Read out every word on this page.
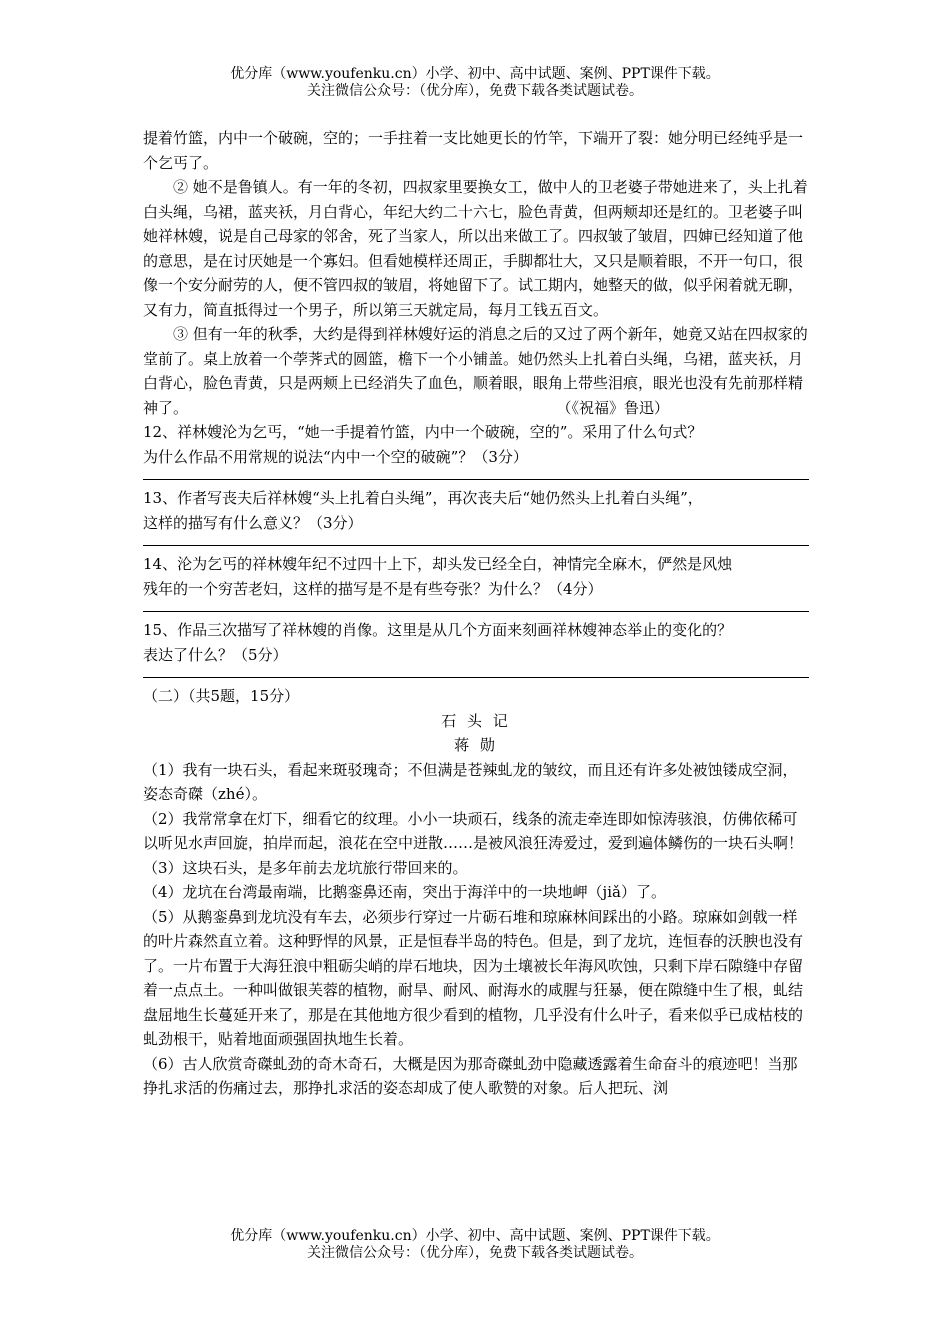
优分库（www.youfenku.cn）小学、初中、高中试题、案例、PPT课件下载。
关注微信公众号：（优分库），免费下载各类试题试卷。

提着竹篮，内中一个破碗，空的；一手拄着一支比她更长的竹竿，下端开了裂：她分明已经纯乎是一个乞丐了。

② 她不是鲁镇人。有一年的冬初，四叔家里要换女工，做中人的卫老婆子带她进来了，头上扎着白头绳，乌裙，蓝夹袄，月白背心，年纪大约二十六七，脸色青黄，但两颊却还是红的。卫老婆子叫她祥林嫂，说是自己母家的邻舍，死了当家人，所以出来做工了。四叔皱了皱眉，四婶已经知道了他的意思，是在讨厌她是一个寡妇。但看她模样还周正，手脚都壮大，又只是顺着眼，不开一句口，很像一个安分耐劳的人，便不管四叔的皱眉，将她留下了。试工期内，她整天的做，似乎闲着就无聊，又有力，简直抵得过一个男子，所以第三天就定局，每月工钱五百文。

③ 但有一年的秋季，大约是得到祥林嫂好运的消息之后的又过了两个新年，她竟又站在四叔家的堂前了。桌上放着一个荸荠式的圆篮，檐下一个小铺盖。她仍然头上扎着白头绳，乌裙，蓝夹袄，月白背心，脸色青黄，只是两颊上已经消失了血色，顺着眼，眼角上带些泪痕，眼光也没有先前那样精神了。	（《祝福》鲁迅）

12、祥林嫂沦为乞丐，“她一手提着竹篮，内中一个破碗，空的”。采用了什么句式？

为什么作品不用常规的说法“内中一个空的破碗”？（3分）

13、作者写丧夫后祥林嫂“头上扎着白头绳”，再次丧夫后“她仍然头上扎着白头绳”，

这样的描写有什么意义？（3分）

14、沦为乞丐的祥林嫂年纪不过四十上下，却头发已经全白，神情完全麻木，俨然是风烛

残年的一个穷苦老妇，这样的描写是不是有些夸张？为什么？（4分）

15、作品三次描写了祥林嫂的肖像。这里是从几个方面来刻画祥林嫂神态举止的变化的？

表达了什么？（5分）

（二）（共5题，15分）

石 头 记

蒋 勋

（1）我有一块石头，看起来斑驳瑰奇；不但满是苍辣虬龙的皱纹，而且还有许多处被蚀镂成空洞，姿态奇磔（zhé）。

（2）我常常拿在灯下，细看它的纹理。小小一块顽石，线条的流走牵连即如惊涛骇浪，仿佛依稀可以听见水声回旋，拍岸而起，浪花在空中迸散……是被风浪狂涛爱过，爱到遍体鳞伤的一块石头啊！

（3）这块石头，是多年前去龙坑旅行带回来的。

（4）龙坑在台湾最南端，比鹅銮鼻还南，突出于海洋中的一块地岬（jiǎ）了。

（5）从鹅銮鼻到龙坑没有车去，必须步行穿过一片砺石堆和琼麻林间踩出的小路。琼麻如剑戟一样的叶片森然直立着。这种野悍的风景，正是恒春半岛的特色。但是，到了龙坑，连恒春的沃腴也没有了。一片布置于大海狂浪中粗砺尖峭的岸石地块，因为土壤被长年海风吹蚀，只剩下岸石隙缝中存留着一点点土。一种叫做银芙蓉的植物，耐旱、耐风、耐海水的咸腥与狂暴，便在隙缝中生了根，虬结盘屈地生长蔓延开来了，那是在其他地方很少看到的植物，几乎没有什么叶子，看来似乎已成枯枝的虬劲根干，贴着地面顽强固执地生长着。

（6）古人欣赏奇磔虬劲的奇木奇石，大概是因为那奇磔虬劲中隐藏透露着生命奋斗的痕迹吧！当那挣扎求活的伤痛过去，那挣扎求活的姿态却成了使人歌赞的对象。后人把玩、浏

优分库（www.youfenku.cn）小学、初中、高中试题、案例、PPT课件下载。
关注微信公众号：（优分库），免费下载各类试题试卷。
